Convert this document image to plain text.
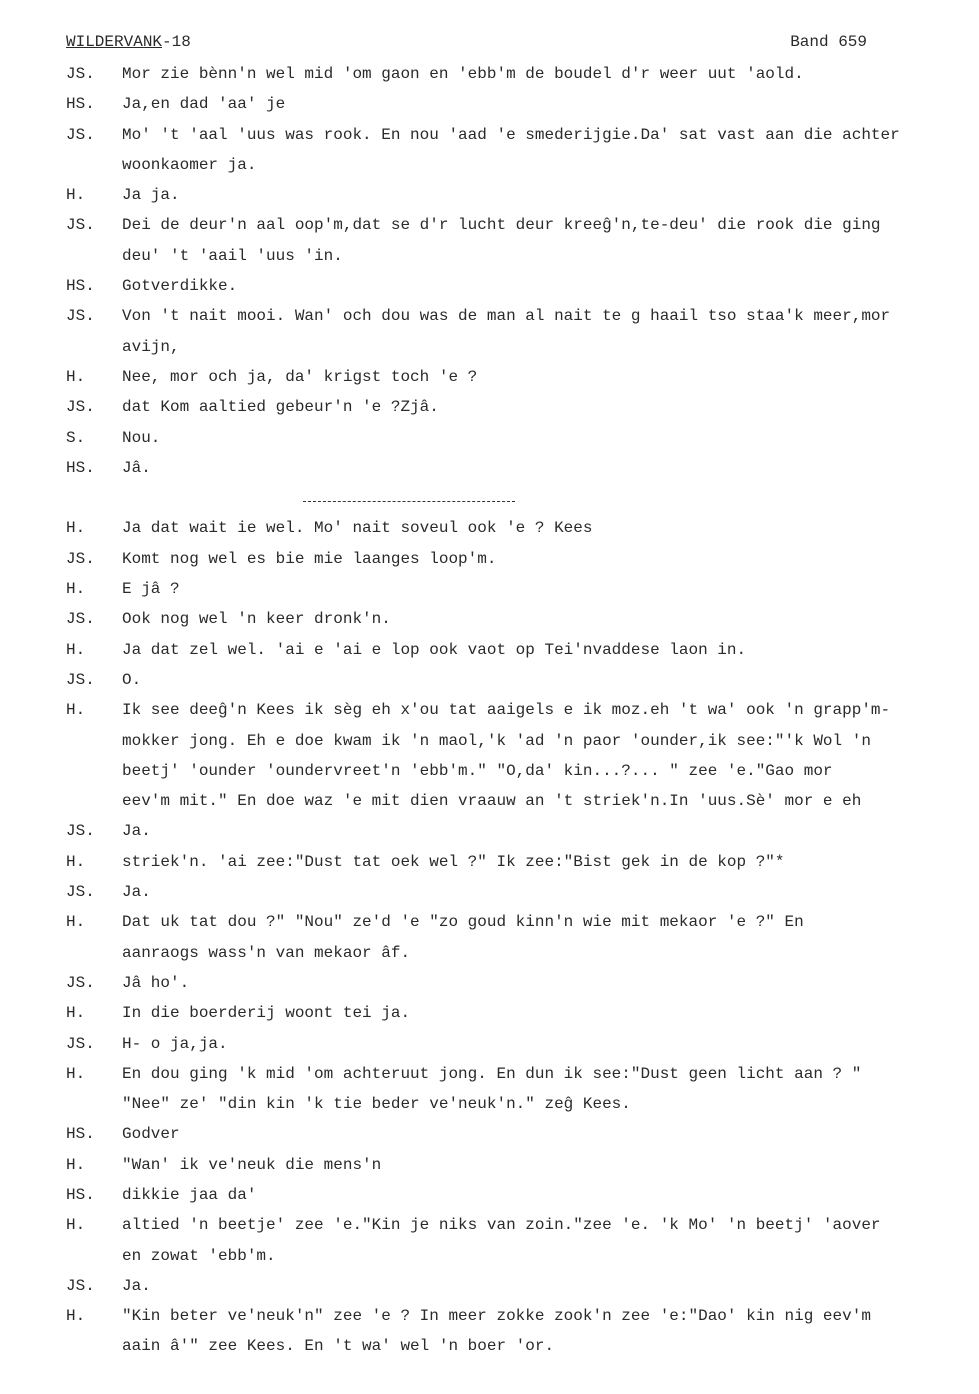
WILDERVANK-18	Band 659
JS. Mor zie bènn'n wel mid 'om gaon en 'ebb'm de boudel d'r weer uut 'aold.
HS. Ja,en dad 'aa' je
JS. Mo' 't 'aal 'uus was rook. En nou 'aad 'e smederijgie.Da' sat vast aan die achter
woonkaomer ja.
H. Ja ja.
JS. Dei de deur'n aal oop'm,dat se d'r lucht deur kreeĝ'n,te-deu' die rook die ging
deu' 't 'aail 'uus 'in.
HS. Gotverdikke.
JS. Von 't nait mooi. Wan' och dou was de man al nait te g haail tso staa'k meer,mor
avijn,
H. Nee, mor och ja, da' krigst toch 'e ?
JS. dat Kom aaltied gebeur'n 'e ?Zjâ.
S. Nou.
HS. Jâ.
H. Ja dat wait ie wel. Mo' nait soveul ook 'e ? Kees
JS. Komt nog wel es bie mie laanges loop'm.
H. E jâ ?
JS. Ook nog wel 'n keer dronk'n.
H. Ja dat zel wel. 'ai e 'ai e lop ook vaot op Tei'nvaddese laon in.
JS. O.
H. Ik see deeĝ'n Kees ik sèg eh x'ou tat aaigels e ik moz.eh 't wa' ook 'n grapp'm-
mokker jong. Eh e doe kwam ik 'n maol,'k 'ad 'n paor 'ounder,ik see:"'k Wol 'n
beetj' 'ounder 'oundervreet'n 'ebb'm." "O,da' kin...?... " zee 'e."Gao mor
eev'm mit." En doe waz 'e mit dien vraauw an 't striek'n.In 'uus.Sè' mor e eh
JS. Ja.
H. striek'n. 'ai zee:"Dust tat oek wel ?" Ik zee:"Bist gek in de kop ?"*
JS. Ja.
H. Dat uk tat dou ?" "Nou" ze'd 'e "zo goud kinn'n wie mit mekaor 'e ?" En
aanraogs wass'n van mekaor âf.
JS. Jâ ho'.
H. In die boerderij woont tei ja.
JS. H- o ja,ja.
H. En dou ging 'k mid 'om achteruut jong. En dun ik see:"Dust geen licht aan ? "
"Nee" ze' "din kin 'k tie beder ve'neuk'n." zeĝ Kees.
HS. Godver
H. "Wan' ik ve'neuk die mens'n
HS. dikkie jaa da'
H. altied 'n beetje' zee 'e."Kin je niks van zoin."zee 'e. 'k Mo' 'n beetj' 'aover
en zowat 'ebb'm.
JS. Ja.
H. "Kin beter ve'neuk'n" zee 'e ? In meer zokke zook'n zee 'e:"Dao' kin nig eev'm
aain â'" zee Kees. En 't wa' wel 'n boer 'or.
